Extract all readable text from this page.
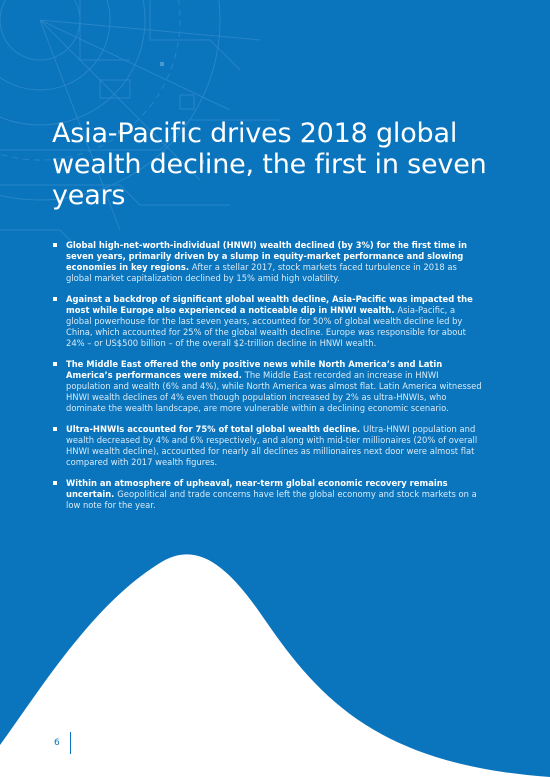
Asia-Pacific drives 2018 global wealth decline, the first in seven years
Global high-net-worth-individual (HNWI) wealth declined (by 3%) for the first time in seven years, primarily driven by a slump in equity-market performance and slowing economies in key regions. After a stellar 2017, stock markets faced turbulence in 2018 as global market capitalization declined by 15% amid high volatility.
Against a backdrop of significant global wealth decline, Asia-Pacific was impacted the most while Europe also experienced a noticeable dip in HNWI wealth. Asia-Pacific, a global powerhouse for the last seven years, accounted for 50% of global wealth decline led by China, which accounted for 25% of the global wealth decline. Europe was responsible for about 24% – or US$500 billion – of the overall $2-trillion decline in HNWI wealth.
The Middle East offered the only positive news while North America’s and Latin America’s performances were mixed. The Middle East recorded an increase in HNWI population and wealth (6% and 4%), while North America was almost flat. Latin America witnessed HNWI wealth declines of 4% even though population increased by 2% as ultra-HNWIs, who dominate the wealth landscape, are more vulnerable within a declining economic scenario.
Ultra-HNWIs accounted for 75% of total global wealth decline. Ultra-HNWI population and wealth decreased by 4% and 6% respectively, and along with mid-tier millionaires (20% of overall HNWI wealth decline), accounted for nearly all declines as millionaires next door were almost flat compared with 2017 wealth figures.
Within an atmosphere of upheaval, near-term global economic recovery remains uncertain. Geopolitical and trade concerns have left the global economy and stock markets on a low note for the year.
6
